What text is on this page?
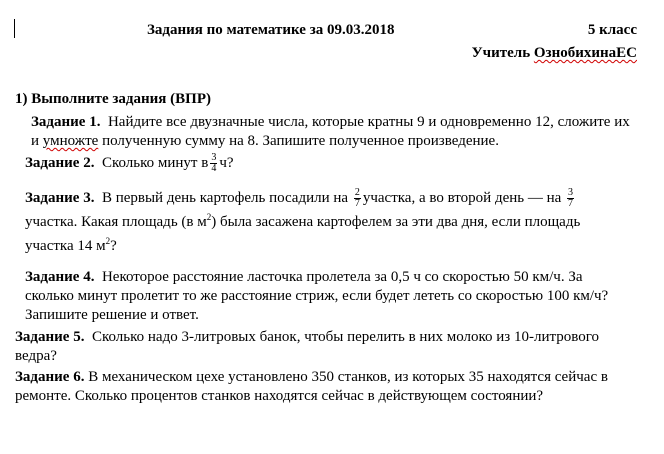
Задания по математике за 09.03.2018	5 класс
Учитель ОзнобихинаЕС
1) Выполните задания (ВПР)
Задание 1. Найдите все двузначные числа, которые кратны 9 и одновременно 12, сложите их и умножте полученную сумму на 8. Запишите полученное произведение.
Задание 2. Сколько минут в $\frac{3}{4} ч$?
Задание 3. В первый день картофель посадили на $\frac{2}{7}$ участка, а во второй день — на $\frac{3}{7}$
участка. Какая площадь (в $м^2$) была засажена картофелем за эти два дня, если площадь участка 14 $м^2$?
Задание 4. Некоторое расстояние ласточка пролетела за 0,5 ч со скоростью 50 км/ч. За сколько минут пролетит то же расстояние стриж, если будет лететь со скоростью 100 км/ч? Запишите решение и ответ.
Задание 5. Сколько надо 3-литровых банок, чтобы перелить в них молоко из 10-литрового ведра?
Задание 6. В механическом цехе установлено 350 станков, из которых 35 находятся сейчас в ремонте. Сколько процентов станков находятся сейчас в действующем состоянии?
